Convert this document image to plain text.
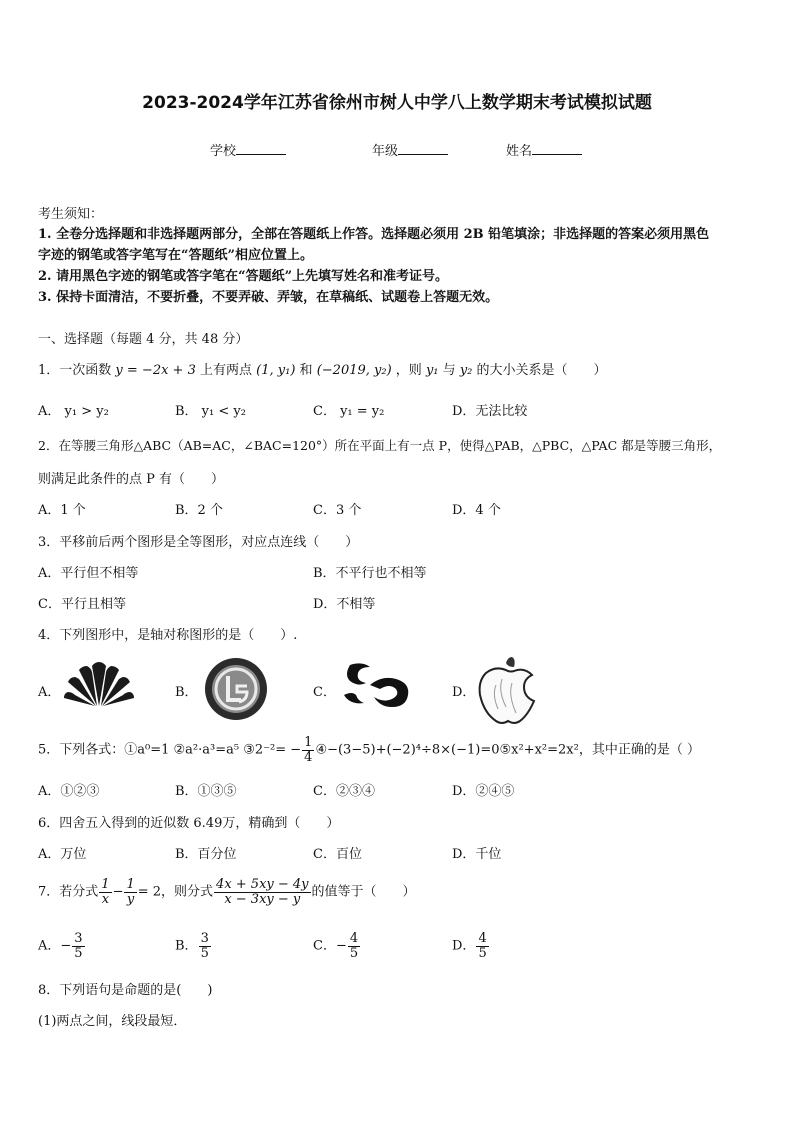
2023-2024学年江苏省徐州市树人中学八上数学期末考试模拟试题
学校	年级	姓名
考生须知：
1. 全卷分选择题和非选择题两部分，全部在答题纸上作答。选择题必须用 2B 铅笔填涂；非选择题的答案必须用黑色
字迹的钢笔或答字笔写在“答题纸”相应位置上。
2. 请用黑色字迹的钢笔或答字笔在“答题纸”上先填写姓名和准考证号。
3. 保持卡面清洁，不要折叠，不要弄破、弄皱，在草稿纸、试题卷上答题无效。
一、选择题（每题 4 分，共 48 分）
1．一次函数 y = −2x + 3 上有两点 (1, y₁) 和 (−2019, y₂) ，则 y₁ 与 y₂ 的大小关系是（　　）
A． y₁ > y₂	B． y₁ < y₂	C． y₁ = y₂	D．无法比较
2．在等腰三角形△ABC（AB=AC，∠BAC=120°）所在平面上有一点 P，使得△PAB，△PBC，△PAC 都是等腰三角形，
则满足此条件的点 P 有（　　）
A．1 个	B．2 个	C．3 个	D．4 个
3．平移前后两个图形是全等图形，对应点连线（　　）
A．平行但不相等	B．不平行也不相等
C．平行且相等	D．不相等
4．下列图形中，是轴对称图形的是（　　）.
A．	B．	C．	D．
5．下列各式：①a⁰=1 ②a²·a³=a⁵ ③2⁻²= − $\frac{1}{4}$ ④−(3−5)+(−2)⁴÷8×(−1)=0⑤x²+x²=2x²，其中正确的是（ ）
A．①②③	B．①③⑤	C．②③④	D．②④⑤
6．四舍五入得到的近似数 6.49万，精确到（　　）
A．万位	B．百分位	C．百位	D．千位
7．若分式 $\frac{1}{x} - \frac{1}{y} = 2$，则分式 $\frac{4x + 5xy - 4y}{x - 3xy - y}$ 的值等于（　　）
A．− $\frac{3}{5}$	B． $\frac{3}{5}$	C．− $\frac{4}{5}$	D． $\frac{4}{5}$
8．下列语句是命题的是(　　)
(1)两点之间，线段最短．
